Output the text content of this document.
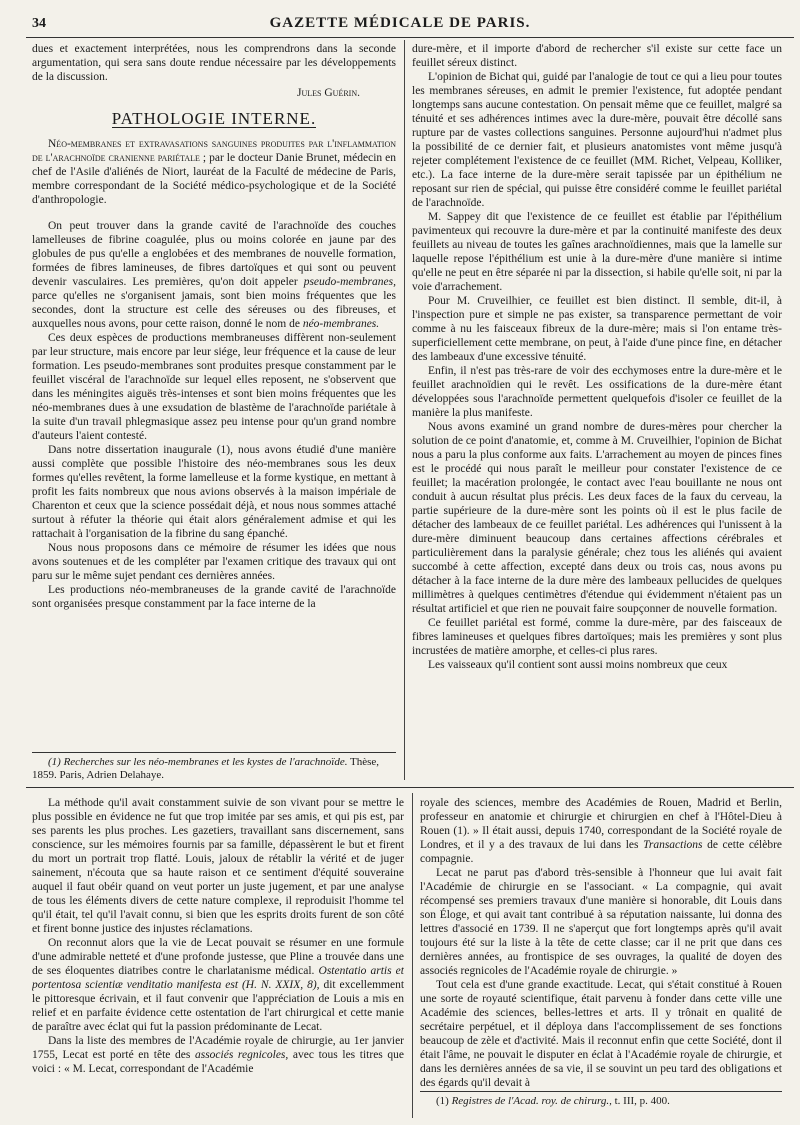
34	GAZETTE MÉDICALE DE PARIS.

dues et exactement interprétées, nous les comprendrons dans la seconde argumentation, qui sera sans doute rendue nécessaire par les développements de la discussion.

Jules Guérin.
PATHOLOGIE INTERNE.

Néo-membranes et extravasations sanguines produites par l'inflammation de l'arachnoïde cranienne pariétale ; par le docteur Danie Brunet, médecin en chef de l'Asile d'aliénés de Niort, lauréat de la Faculté de médecine de Paris, membre correspondant de la Société médico-psychologique et de la Société d'anthropologie.

On peut trouver dans la grande cavité de l'arachnoïde des couches lamelleuses de fibrine coagulée, plus ou moins colorée en jaune par des globules de pus qu'elle a englobées et des membranes de nouvelle formation, formées de fibres lamineuses, de fibres dartoïques et qui sont ou peuvent devenir vasculaires. Les premières, qu'on doit appeler pseudo-membranes, parce qu'elles ne s'organisent jamais, sont bien moins fréquentes que les secondes, dont la structure est celle des séreuses ou des fibreuses, et auxquelles nous avons, pour cette raison, donné le nom de néo-membranes.

Ces deux espèces de productions membraneuses diffèrent non-seulement par leur structure, mais encore par leur siége, leur fréquence et la cause de leur formation. Les pseudo-membranes sont produites presque constamment par le feuillet viscéral de l'arachnoïde sur lequel elles reposent, ne s'observent que dans les méningites aiguës très-intenses et sont bien moins fréquentes que les néo-membranes dues à une exsudation de blastème de l'arachnoïde pariétale à la suite d'un travail phlegmasique assez peu intense pour qu'un grand nombre d'auteurs l'aient contesté.

Dans notre dissertation inaugurale (1), nous avons étudié d'une manière aussi complète que possible l'histoire des néo-membranes sous les deux formes qu'elles revêtent, la forme lamelleuse et la forme kystique, en mettant à profit les faits nombreux que nous avions observés à la maison impériale de Charenton et ceux que la science possédait déjà, et nous nous sommes attaché surtout à réfuter la théorie qui était alors généralement admise et qui les rattachait à l'organisation de la fibrine du sang épanché.

Nous nous proposons dans ce mémoire de résumer les idées que nous avons soutenues et de les compléter par l'examen critique des travaux qui ont paru sur le même sujet pendant ces dernières années.

Les productions néo-membraneuses de la grande cavité de l'arachnoïde sont organisées presque constamment par la face interne de la

(1) Recherches sur les néo-membranes et les kystes de l'arachnoïde. Thèse, 1859. Paris, Adrien Delahaye.

dure-mère, et il importe d'abord de rechercher s'il existe sur cette face un feuillet séreux distinct.

L'opinion de Bichat qui, guidé par l'analogie de tout ce qui a lieu pour toutes les membranes séreuses, en admit le premier l'existence, fut adoptée pendant longtemps sans aucune contestation. On pensait même que ce feuillet, malgré sa ténuité et ses adhérences intimes avec la dure-mère, pouvait être décollé sans rupture par de vastes collections sanguines. Personne aujourd'hui n'admet plus la possibilité de ce dernier fait, et plusieurs anatomistes vont même jusqu'à rejeter complétement l'existence de ce feuillet (MM. Richet, Velpeau, Kolliker, etc.). La face interne de la dure-mère serait tapissée par un épithélium ne reposant sur rien de spécial, qui puisse être considéré comme le feuillet pariétal de l'arachnoïde.

M. Sappey dit que l'existence de ce feuillet est établie par l'épithélium pavimenteux qui recouvre la dure-mère et par la continuité manifeste des deux feuillets au niveau de toutes les gaînes arachnoïdiennes, mais que la lamelle sur laquelle repose l'épithélium est unie à la dure-mère d'une manière si intime qu'elle ne peut en être séparée ni par la dissection, si habile qu'elle soit, ni par la voie d'arrachement.

Pour M. Cruveilhier, ce feuillet est bien distinct. Il semble, dit-il, à l'inspection pure et simple ne pas exister, sa transparence permettant de voir comme à nu les faisceaux fibreux de la dure-mère; mais si l'on entame très-superficiellement cette membrane, on peut, à l'aide d'une pince fine, en détacher des lambeaux d'une excessive ténuité.

Enfin, il n'est pas très-rare de voir des ecchymoses entre la dure-mère et le feuillet arachnoïdien qui le revêt. Les ossifications de la dure-mère étant développées sous l'arachnoïde permettent quelquefois d'isoler ce feuillet de la manière la plus manifeste.

Nous avons examiné un grand nombre de dures-mères pour chercher la solution de ce point d'anatomie, et, comme à M. Cruveilhier, l'opinion de Bichat nous a paru la plus conforme aux faits. L'arrachement au moyen de pinces fines est le procédé qui nous paraît le meilleur pour constater l'existence de ce feuillet; la macération prolongée, le contact avec l'eau bouillante ne nous ont conduit à aucun résultat plus précis. Les deux faces de la faux du cerveau, la partie supérieure de la dure-mère sont les points où il est le plus facile de détacher des lambeaux de ce feuillet pariétal. Les adhérences qui l'unissent à la dure-mère diminuent beaucoup dans certaines affections cérébrales et particulièrement dans la paralysie générale; chez tous les aliénés qui avaient succombé à cette affection, excepté dans deux ou trois cas, nous avons pu détacher à la face interne de la dure mère des lambeaux pellucides de quelques millimètres à quelques centimètres d'étendue qui évidemment n'étaient pas un résultat artificiel et que rien ne pouvait faire soupçonner de nouvelle formation.

Ce feuillet pariétal est formé, comme la dure-mère, par des faisceaux de fibres lamineuses et quelques fibres dartoïques; mais les premières y sont plus incrustées de matière amorphe, et celles-ci plus rares.

Les vaisseaux qu'il contient sont aussi moins nombreux que ceux

La méthode qu'il avait constamment suivie de son vivant pour se mettre le plus possible en évidence ne fut que trop imitée par ses amis, et qui pis est, par ses parents les plus proches. Les gazetiers, travaillant sans discernement, sans conscience, sur les mémoires fournis par sa famille, dépassèrent le but et firent du mort un portrait trop flatté. Louis, jaloux de rétablir la vérité et de juger sainement, n'écouta que sa haute raison et ce sentiment d'équité souveraine auquel il faut obéir quand on veut porter un juste jugement, et par une analyse de tous les éléments divers de cette nature complexe, il reproduisit l'homme tel qu'il était, tel qu'il l'avait connu, si bien que les esprits droits furent de son côté et firent bonne justice des injustes réclamations.

On reconnut alors que la vie de Lecat pouvait se résumer en une formule d'une admirable netteté et d'une profonde justesse, que Pline a trouvée dans une de ses éloquentes diatribes contre le charlatanisme médical. Ostentatio artis et portentosa scientiæ venditatio manifesta est (H. N. XXIX, 8), dit excellemment le pittoresque écrivain, et il faut convenir que l'appréciation de Louis a mis en relief et en parfaite évidence cette ostentation de l'art chirurgical et cette manie de paraître avec éclat qui fut la passion prédominante de Lecat.

Dans la liste des membres de l'Académie royale de chirurgie, au 1er janvier 1755, Lecat est porté en tête des associés regnicoles, avec tous les titres que voici : « M. Lecat, correspondant de l'Académie

royale des sciences, membre des Académies de Rouen, Madrid et Berlin, professeur en anatomie et chirurgie et chirurgien en chef à l'Hôtel-Dieu à Rouen (1). » Il était aussi, depuis 1740, correspondant de la Société royale de Londres, et il y a des travaux de lui dans les Transactions de cette célèbre compagnie.

Lecat ne parut pas d'abord très-sensible à l'honneur que lui avait fait l'Académie de chirurgie en se l'associant. « La compagnie, qui avait récompensé ses premiers travaux d'une manière si honorable, dit Louis dans son Éloge, et qui avait tant contribué à sa réputation naissante, lui donna des lettres d'associé en 1739. Il ne s'aperçut que fort longtemps après qu'il avait toujours été sur la liste à la tête de cette classe; car il ne prit que dans ces dernières années, au frontispice de ses ouvrages, la qualité de doyen des associés regnicoles de l'Académie royale de chirurgie. »

Tout cela est d'une grande exactitude. Lecat, qui s'était constitué à Rouen une sorte de royauté scientifique, était parvenu à fonder dans cette ville une Académie des sciences, belles-lettres et arts. Il y trônait en qualité de secrétaire perpétuel, et il déploya dans l'accomplissement de ses fonctions beaucoup de zèle et d'activité. Mais il reconnut enfin que cette Société, dont il était l'âme, ne pouvait le disputer en éclat à l'Académie royale de chirurgie, et dans les dernières années de sa vie, il se souvint un peu tard des obligations et des égards qu'il devait à

(1) Registres de l'Acad. roy. de chirurg., t. III, p. 400.
